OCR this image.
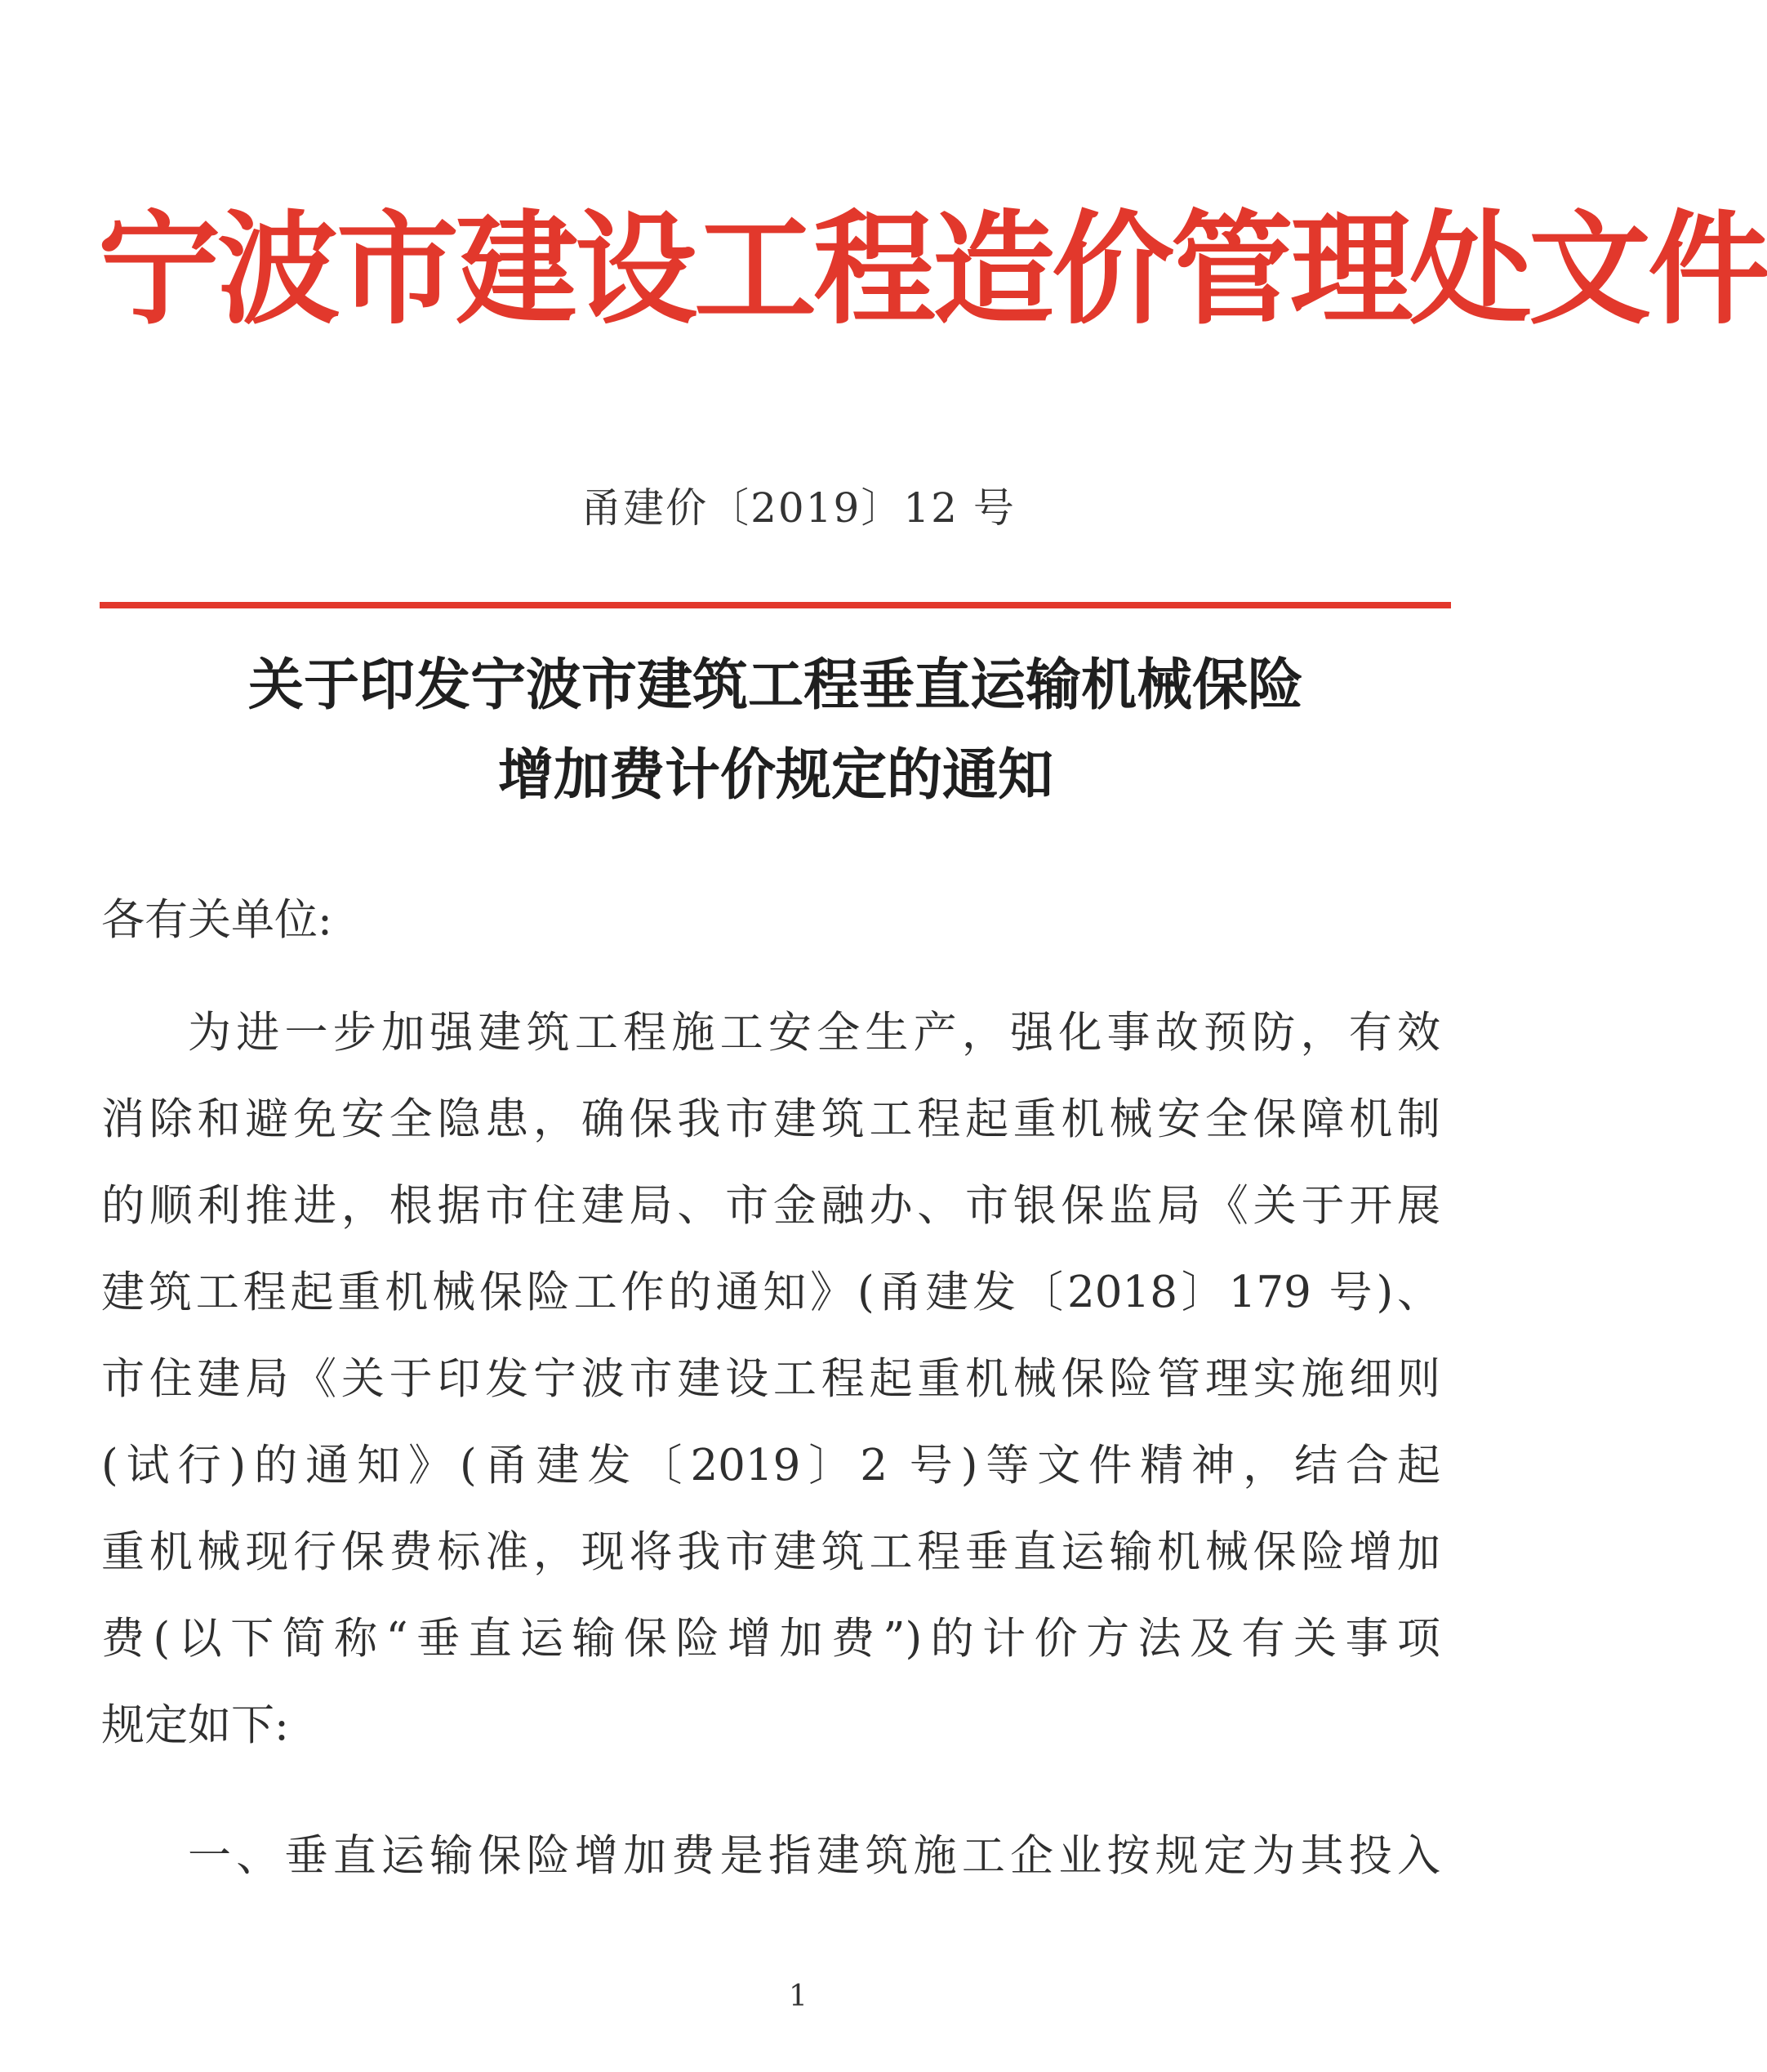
宁波市建设工程造价管理处文件
甬建价〔2019〕12 号
关于印发宁波市建筑工程垂直运输机械保险
增加费计价规定的通知
各有关单位:
为进一步加强建筑工程施工安全生产，强化事故预防，有效
消除和避免安全隐患，确保我市建筑工程起重机械安全保障机制
的顺利推进，根据市住建局、市金融办、市银保监局《关于开展
建筑工程起重机械保险工作的通知》(甬建发〔2018〕179 号)、
市住建局《关于印发宁波市建设工程起重机械保险管理实施细则
(试行)的通知》(甬建发〔2019〕2 号)等文件精神，结合起
重机械现行保费标准，现将我市建筑工程垂直运输机械保险增加
费(以下简称“垂直运输保险增加费”)的计价方法及有关事项
规定如下:
一、垂直运输保险增加费是指建筑施工企业按规定为其投入
1
